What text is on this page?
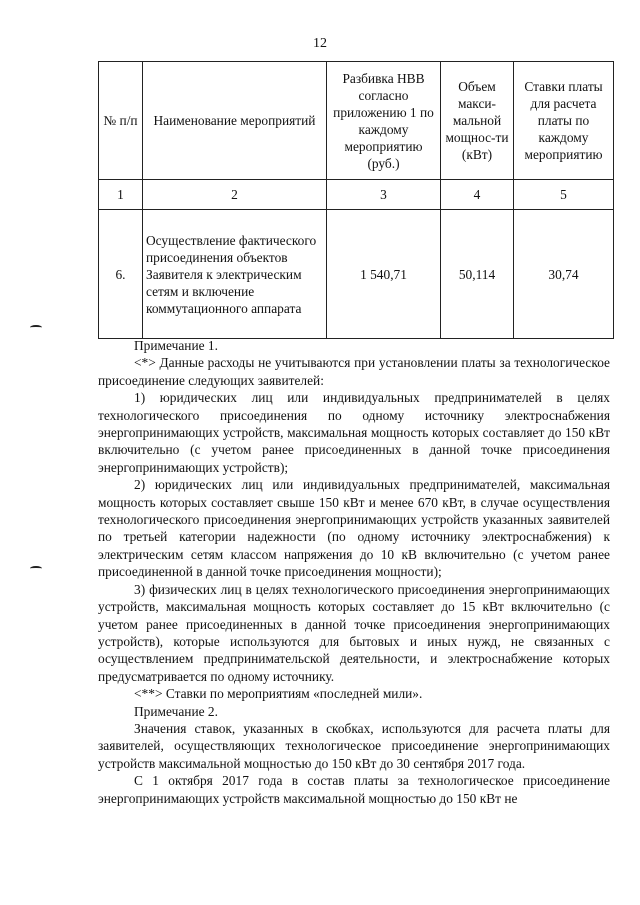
12
№ п/п	Наименование мероприятий	Разбивка НВВ согласно приложению 1 по каждому мероприятию (руб.)	Объем макси-мальной мощнос-ти (кВт)	Ставки платы для расчета платы по каждому мероприятию
1	2	3	4	5
6.	Осуществление фактического присоединения объектов Заявителя к электрическим сетям и включение коммутационного аппарата	1 540,71	50,114	30,74

Примечание 1.

<*> Данные расходы не учитываются при установлении платы за технологическое присоединение следующих заявителей:

1) юридических лиц или индивидуальных предпринимателей в целях технологического присоединения по одному источнику электроснабжения энергопринимающих устройств, максимальная мощность которых составляет до 150 кВт включительно (с учетом ранее присоединенных в данной точке присоединения энергопринимающих устройств);

2) юридических лиц или индивидуальных предпринимателей, максимальная мощность которых составляет свыше 150 кВт и менее 670 кВт, в случае осуществления технологического присоединения энергопринимающих устройств указанных заявителей по третьей категории надежности (по одному источнику электроснабжения) к электрическим сетям классом напряжения до 10 кВ включительно (с учетом ранее присоединенной в данной точке присоединения мощности);

3) физических лиц в целях технологического присоединения энергопринимающих устройств, максимальная мощность которых составляет до 15 кВт включительно (с учетом ранее присоединенных в данной точке присоединения энергопринимающих устройств), которые используются для бытовых и иных нужд, не связанных с осуществлением предпринимательской деятельности, и электроснабжение которых предусматривается по одному источнику.

<**> Ставки по мероприятиям «последней мили».

Примечание 2.

Значения ставок, указанных в скобках, используются для расчета платы для заявителей, осуществляющих технологическое присоединение энергопринимающих устройств максимальной мощностью до 150 кВт до 30 сентября 2017 года.

С 1 октября 2017 года в состав платы за технологическое присоединение энергопринимающих устройств максимальной мощностью до 150 кВт не
